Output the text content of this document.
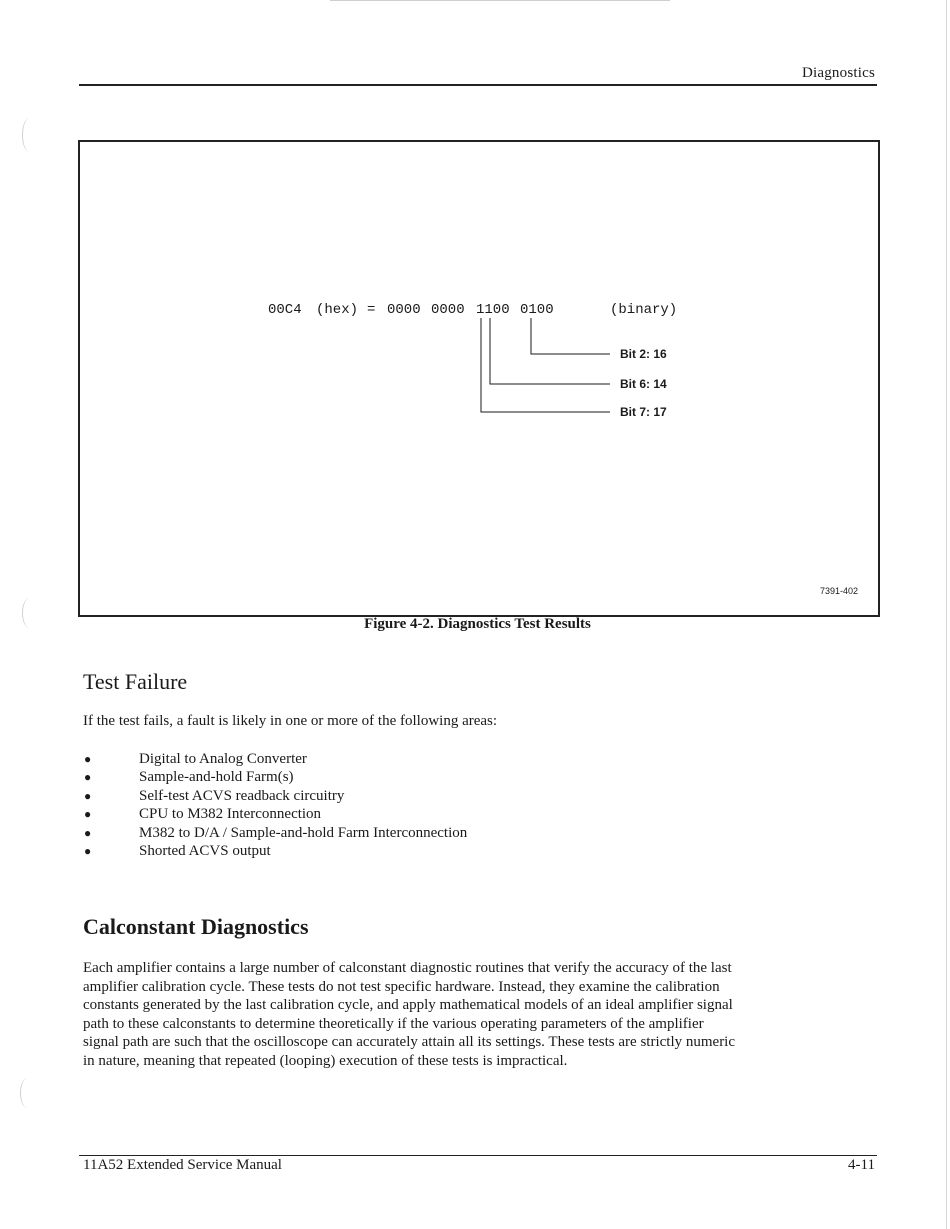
Diagnostics
00C4 (hex) = 0000 0000 1100 0100	(binary)
Bit 2: 16
Bit 6: 14
Bit 7: 17
7391-402
Figure 4-2. Diagnostics Test Results
Test Failure
If the test fails, a fault is likely in one or more of the following areas:
●	Digital to Analog Converter
●	Sample-and-hold Farm(s)
●	Self-test ACVS readback circuitry
●	CPU to M382 Interconnection
●	M382 to D/A / Sample-and-hold Farm Interconnection
●	Shorted ACVS output
Calconstant Diagnostics
Each amplifier contains a large number of calconstant diagnostic routines that verify the accuracy of the last
amplifier calibration cycle. These tests do not test specific hardware. Instead, they examine the calibration
constants generated by the last calibration cycle, and apply mathematical models of an ideal amplifier signal
path to these calconstants to determine theoretically if the various operating parameters of the amplifier
signal path are such that the oscilloscope can accurately attain all its settings. These tests are strictly numeric
in nature, meaning that repeated (looping) execution of these tests is impractical.
11A52 Extended Service Manual	4-11
